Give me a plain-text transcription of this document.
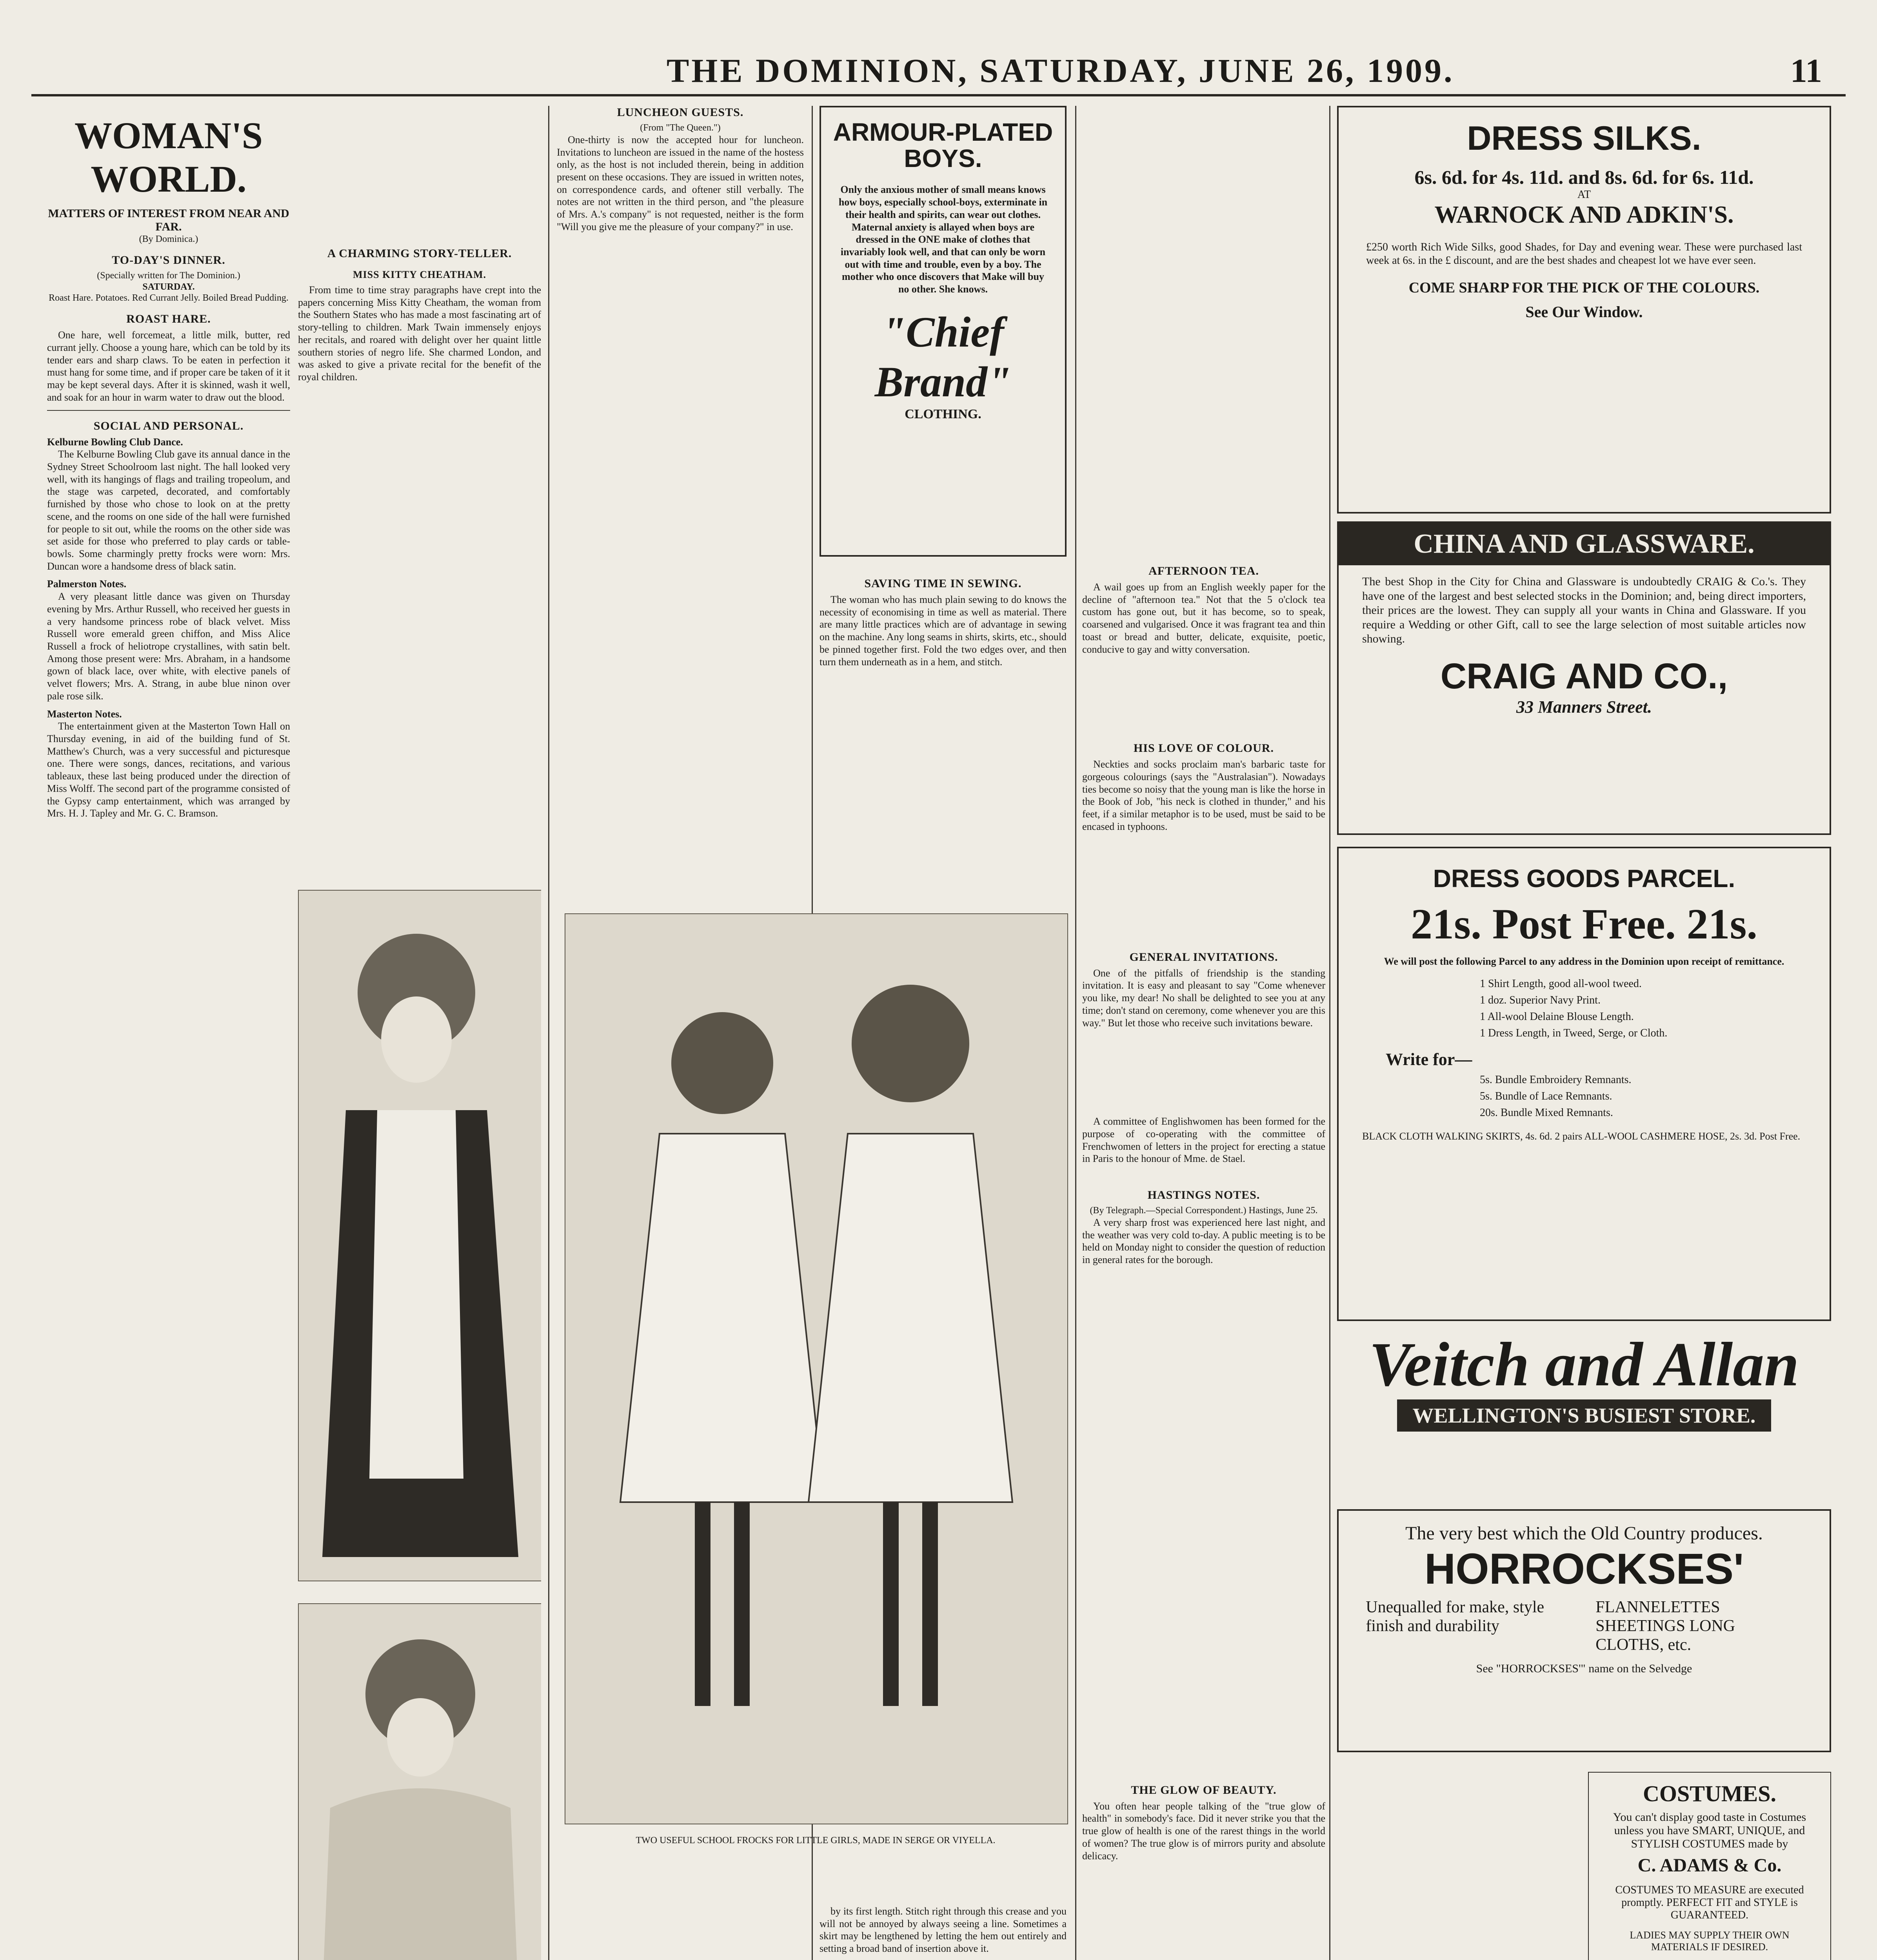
THE DOMINION, SATURDAY, JUNE 26, 1909.	11
WOMAN'S WORLD.
MATTERS OF INTEREST FROM NEAR AND FAR.
(By Dominica.)
TO-DAY'S DINNER.
(Specially written for The Dominion.)
SATURDAY.
Roast Hare. Potatoes. Red Currant Jelly. Boiled Bread Pudding.
ROAST HARE.

One hare, well forcemeat, a little milk, butter, red currant jelly. Choose a young hare, which can be told by its tender ears and sharp claws. To be eaten in perfection it must hang for some time, and if proper care be taken of it it may be kept several days. After it is skinned, wash it well, and soak for an hour in warm water to draw out the blood.

SOCIAL AND PERSONAL.
Kelburne Bowling Club Dance.

The Kelburne Bowling Club gave its annual dance in the Sydney Street Schoolroom last night. The hall looked very well, with its hangings of flags and trailing tropeolum, and the stage was carpeted, decorated, and comfortably furnished by those who chose to look on at the pretty scene, and the rooms on one side of the hall were furnished for people to sit out, while the rooms on the other side was set aside for those who preferred to play cards or table-bowls. Some charmingly pretty frocks were worn: Mrs. Duncan wore a handsome dress of black satin.

Palmerston Notes.

A very pleasant little dance was given on Thursday evening by Mrs. Arthur Russell, who received her guests in a very handsome princess robe of black velvet. Miss Russell wore emerald green chiffon, and Miss Alice Russell a frock of heliotrope crystallines, with satin belt. Among those present were: Mrs. Abraham, in a handsome gown of black lace, over white, with elective panels of velvet flowers; Mrs. A. Strang, in aube blue ninon over pale rose silk.

Masterton Notes.

The entertainment given at the Masterton Town Hall on Thursday evening, in aid of the building fund of St. Matthew's Church, was a very successful and picturesque one. There were songs, dances, recitations, and various tableaux, these last being produced under the direction of Miss Wolff. The second part of the programme consisted of the Gypsy camp entertainment, which was arranged by Mrs. H. J. Tapley and Mr. G. C. Bramson.

A CHARMING STORY-TELLER.
MISS KITTY CHEATHAM.

From time to time stray paragraphs have crept into the papers concerning Miss Kitty Cheatham, the woman from the Southern States who has made a most fascinating art of story-telling to children. Mark Twain immensely enjoys her recitals, and roared with delight over her quaint little southern stories of negro life. She charmed London, and was asked to give a private recital for the benefit of the royal children.

LUNCHEON GUESTS.
(From "The Queen.")

One-thirty is now the accepted hour for luncheon. Invitations to luncheon are issued in the name of the hostess only, as the host is not included therein, being in addition present on these occasions. They are issued in written notes, on correspondence cards, and oftener still verbally. The notes are not written in the third person, and "the pleasure of Mrs. A.'s company" is not requested, neither is the form "Will you give me the pleasure of your company?" in use.

TWO USEFUL SCHOOL FROCKS FOR LITTLE GIRLS, MADE IN SERGE OR VIYELLA.
ARMOUR-PLATED BOYS.
Only the anxious mother of small means knows how boys, especially school-boys, exterminate in their health and spirits, can wear out clothes. Maternal anxiety is allayed when boys are dressed in the ONE make of clothes that invariably look well, and that can only be worn out with time and trouble, even by a boy. The mother who once discovers that Make will buy no other. She knows.
"Chief Brand"
CLOTHING.
SAVING TIME IN SEWING.

The woman who has much plain sewing to do knows the necessity of economising in time as well as material. There are many little practices which are of advantage in sewing on the machine. Any long seams in shirts, skirts, etc., should be pinned together first. Fold the two edges over, and then turn them underneath as in a hem, and stitch.

by its first length. Stitch right through this crease and you will not be annoyed by always seeing a line. Sometimes a skirt may be lengthened by letting the hem out entirely and setting a broad band of insertion above it.

AFTERNOON TEA.

A wail goes up from an English weekly paper for the decline of "afternoon tea." Not that the 5 o'clock tea custom has gone out, but it has become, so to speak, coarsened and vulgarised. Once it was fragrant tea and thin toast or bread and butter, delicate, exquisite, poetic, conducive to gay and witty conversation.

HIS LOVE OF COLOUR.

Neckties and socks proclaim man's barbaric taste for gorgeous colourings (says the "Australasian"). Nowadays ties become so noisy that the young man is like the horse in the Book of Job, "his neck is clothed in thunder," and his feet, if a similar metaphor is to be used, must be said to be encased in typhoons.

GENERAL INVITATIONS.

One of the pitfalls of friendship is the standing invitation. It is easy and pleasant to say "Come whenever you like, my dear! No shall be delighted to see you at any time; don't stand on ceremony, come whenever you are this way." But let those who receive such invitations beware.

A committee of Englishwomen has been formed for the purpose of co-operating with the committee of Frenchwomen of letters in the project for erecting a statue in Paris to the honour of Mme. de Stael.

HASTINGS NOTES.
(By Telegraph.—Special Correspondent.) Hastings, June 25.

A very sharp frost was experienced here last night, and the weather was very cold to-day. A public meeting is to be held on Monday night to consider the question of reduction in general rates for the borough.

THE GLOW OF BEAUTY.

You often hear people talking of the "true glow of health" in somebody's face. Did it never strike you that the true glow of health is one of the rarest things in the world of women? The true glow is of mirrors purity and absolute delicacy.

DRESS SILKS.
6s. 6d. for 4s. 11d. and 8s. 6d. for 6s. 11d.
AT
WARNOCK AND ADKIN'S.
£250 worth Rich Wide Silks, good Shades, for Day and evening wear. These were purchased last week at 6s. in the £ discount, and are the best shades and cheapest lot we have ever seen.
COME SHARP FOR THE PICK OF THE COLOURS.
See Our Window.
CHINA AND GLASSWARE.
The best Shop in the City for China and Glassware is undoubtedly CRAIG & Co.'s. They have one of the largest and best selected stocks in the Dominion; and, being direct importers, their prices are the lowest. They can supply all your wants in China and Glassware. If you require a Wedding or other Gift, call to see the large selection of most suitable articles now showing.
CRAIG AND CO.,
33 Manners Street.
DRESS GOODS PARCEL.
21s. Post Free. 21s.
We will post the following Parcel to any address in the Dominion upon receipt of remittance.
1 Shirt Length, good all-wool tweed.
1 doz. Superior Navy Print.
1 All-wool Delaine Blouse Length.
1 Dress Length, in Tweed, Serge, or Cloth.
Write for—
5s. Bundle Embroidery Remnants.
5s. Bundle of Lace Remnants.
20s. Bundle Mixed Remnants.
BLACK CLOTH WALKING SKIRTS, 4s. 6d. 2 pairs ALL-WOOL CASHMERE HOSE, 2s. 3d. Post Free.
Veitch and Allan
WELLINGTON'S BUSIEST STORE.
The very best which the Old Country produces.
HORROCKSES'
Unequalled for make, style finish and durability
FLANNELETTES SHEETINGS LONG CLOTHS, etc.
See "HORROCKSES'" name on the Selvedge
COSTUMES.
You can't display good taste in Costumes unless you have SMART, UNIQUE, and STYLISH COSTUMES made by
C. ADAMS & Co.
COSTUMES TO MEASURE are executed promptly. PERFECT FIT and STYLE is GUARANTEED.
LADIES MAY SUPPLY THEIR OWN MATERIALS IF DESIRED.
